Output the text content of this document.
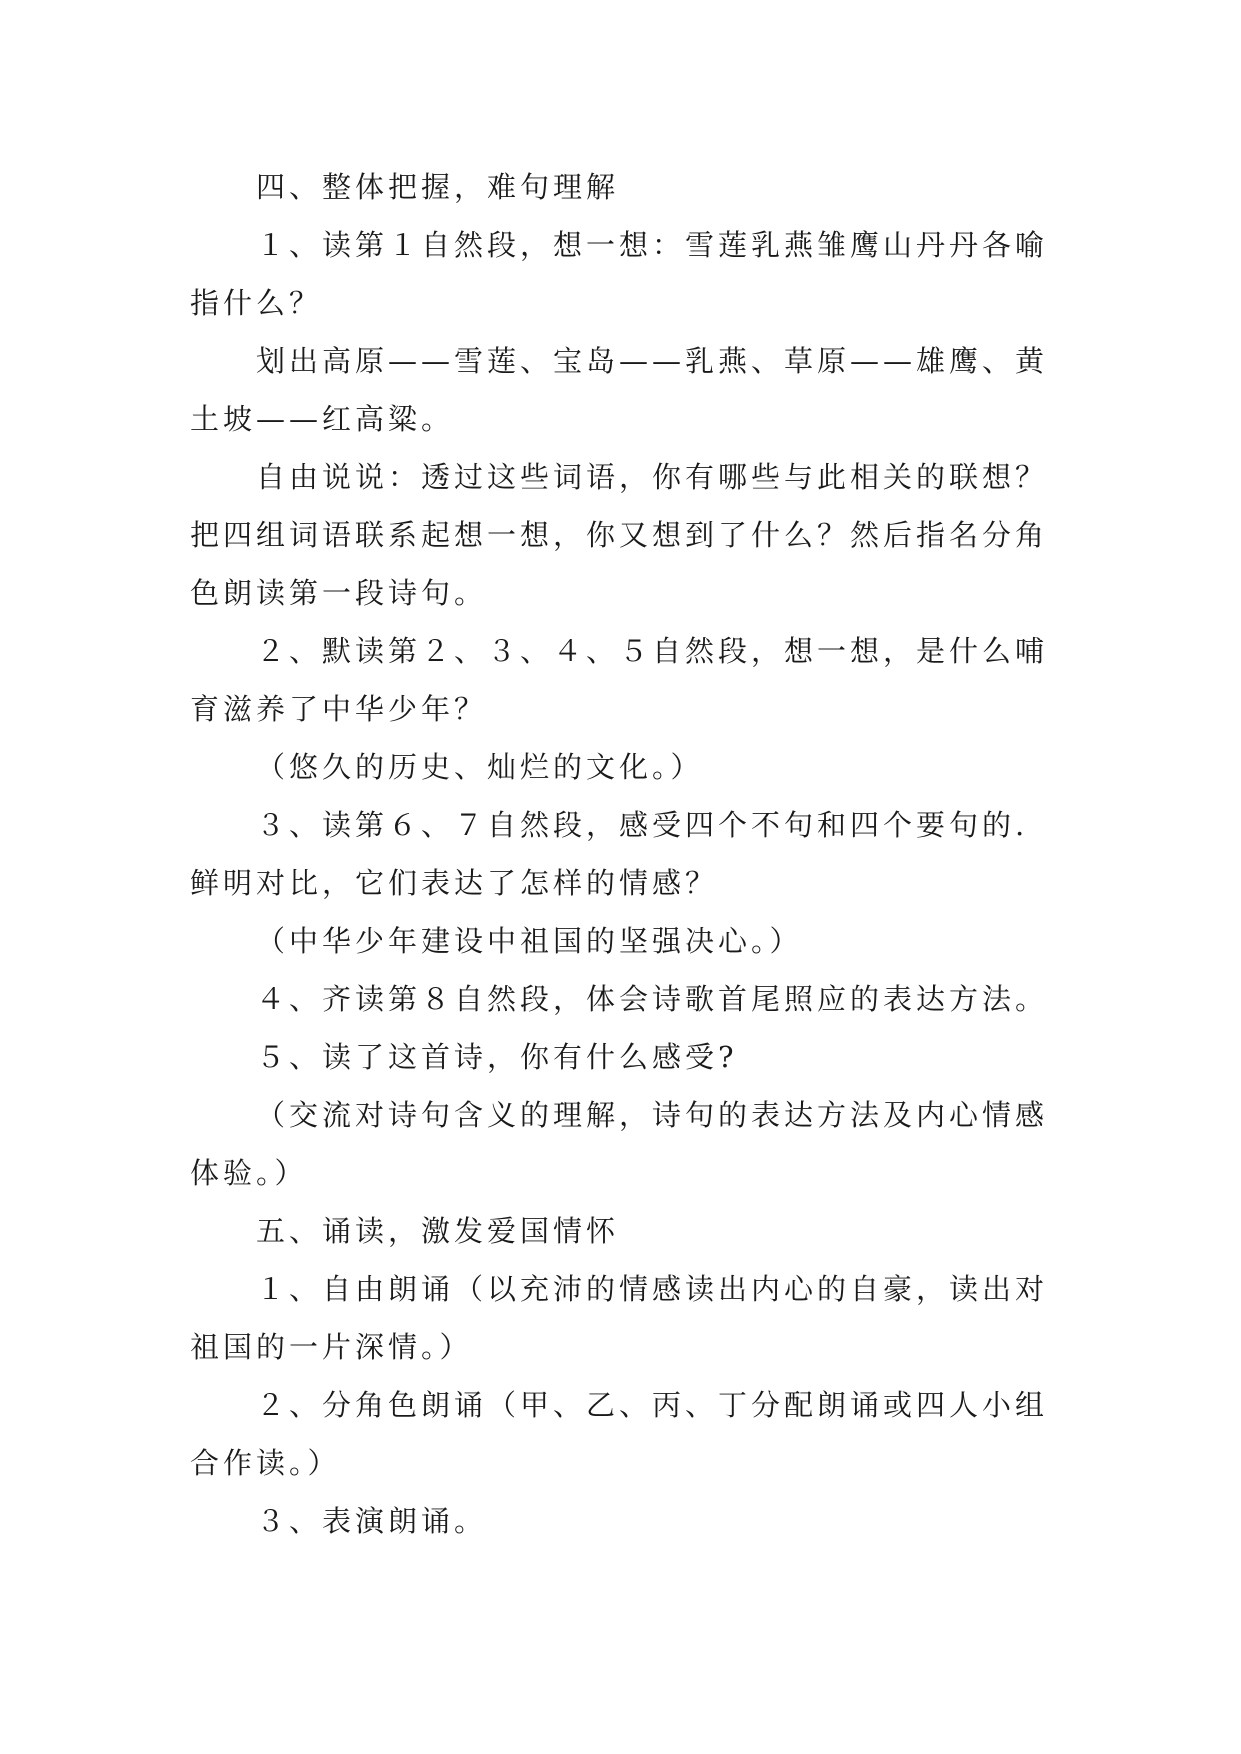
四、整体把握，难句理解

１、读第１自然段，想一想：雪莲乳燕雏鹰山丹丹各喻指什么？

划出高原——雪莲、宝岛——乳燕、草原——雄鹰、黄土坡——红高粱。

自由说说：透过这些词语，你有哪些与此相关的联想？把四组词语联系起想一想，你又想到了什么？然后指名分角色朗读第一段诗句。

２、默读第２、３、４、５自然段，想一想，是什么哺育滋养了中华少年？

（悠久的历史、灿烂的文化。）

３、读第６、７自然段，感受四个不句和四个要句的.鲜明对比，它们表达了怎样的情感？

（中华少年建设中祖国的坚强决心。）

４、齐读第８自然段，体会诗歌首尾照应的表达方法。

５、读了这首诗，你有什么感受?

（交流对诗句含义的理解，诗句的表达方法及内心情感体验。）

五、诵读，激发爱国情怀

１、自由朗诵（以充沛的情感读出内心的自豪，读出对祖国的一片深情。）

２、分角色朗诵（甲、乙、丙、丁分配朗诵或四人小组合作读。）

３、表演朗诵。
